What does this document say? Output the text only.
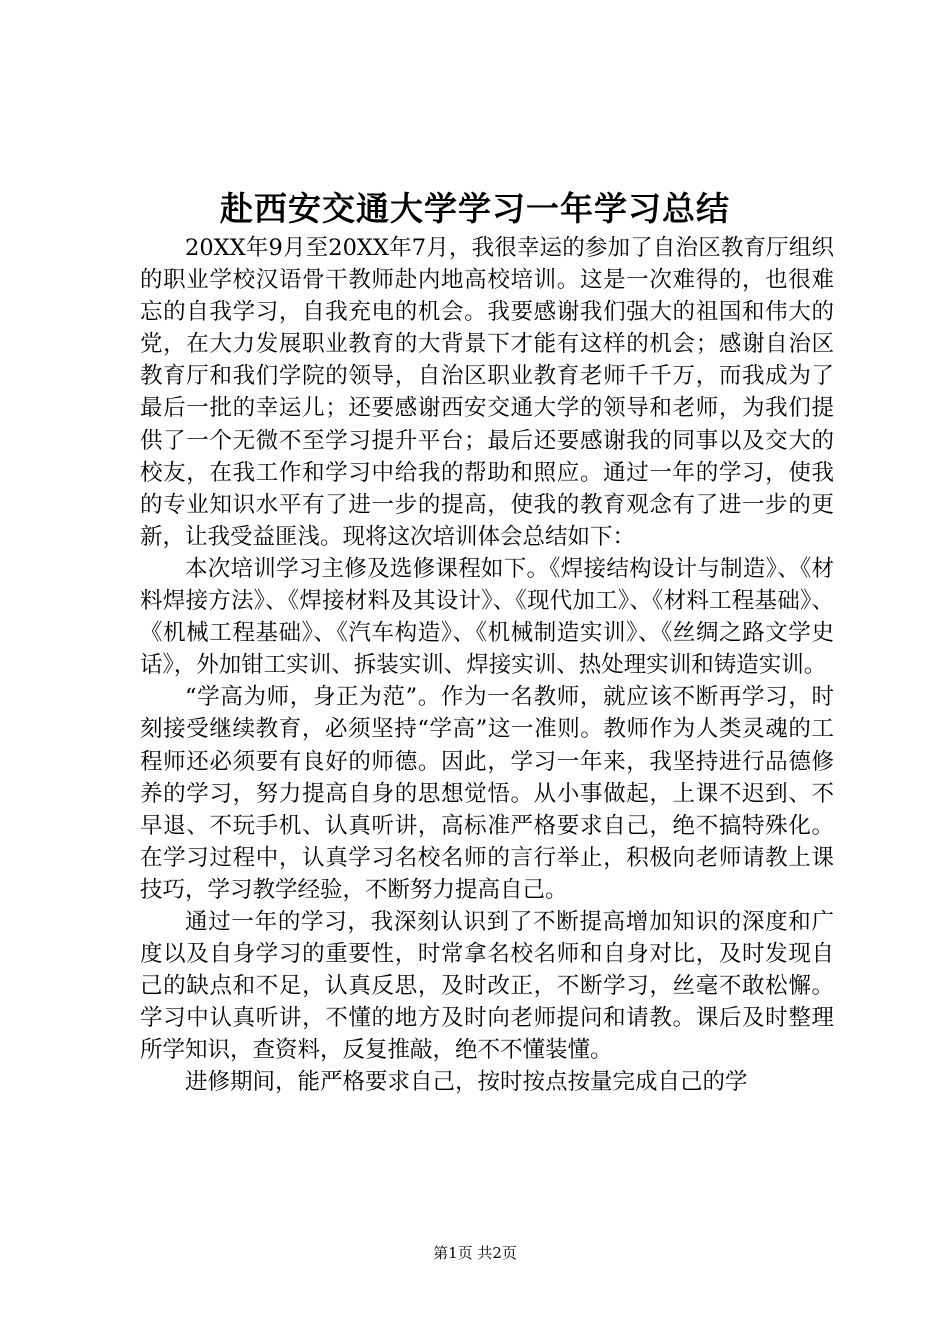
赴西安交通大学学习一年学习总结

20XX年9月至20XX年7月，我很幸运的参加了自治区教育厅组织的职业学校汉语骨干教师赴内地高校培训。这是一次难得的，也很难忘的自我学习，自我充电的机会。我要感谢我们强大的祖国和伟大的党，在大力发展职业教育的大背景下才能有这样的机会；感谢自治区教育厅和我们学院的领导，自治区职业教育老师千千万，而我成为了最后一批的幸运儿；还要感谢西安交通大学的领导和老师，为我们提供了一个无微不至学习提升平台；最后还要感谢我的同事以及交大的校友，在我工作和学习中给我的帮助和照应。通过一年的学习，使我的专业知识水平有了进一步的提高，使我的教育观念有了进一步的更新，让我受益匪浅。现将这次培训体会总结如下：

本次培训学习主修及选修课程如下。《焊接结构设计与制造》、《材料焊接方法》、《焊接材料及其设计》、《现代加工》、《材料工程基础》、《机械工程基础》、《汽车构造》、《机械制造实训》、《丝绸之路文学史话》，外加钳工实训、拆装实训、焊接实训、热处理实训和铸造实训。

“学高为师，身正为范”。作为一名教师，就应该不断再学习，时刻接受继续教育，必须坚持“学高”这一准则。教师作为人类灵魂的工程师还必须要有良好的师德。因此，学习一年来，我坚持进行品德修养的学习，努力提高自身的思想觉悟。从小事做起，上课不迟到、不早退、不玩手机、认真听讲，高标准严格要求自己，绝不搞特殊化。在学习过程中，认真学习名校名师的言行举止，积极向老师请教上课技巧，学习教学经验，不断努力提高自己。

通过一年的学习，我深刻认识到了不断提高增加知识的深度和广度以及自身学习的重要性，时常拿名校名师和自身对比，及时发现自己的缺点和不足，认真反思，及时改正，不断学习，丝毫不敢松懈。学习中认真听讲，不懂的地方及时向老师提问和请教。课后及时整理所学知识，查资料，反复推敲，绝不不懂装懂。

进修期间，能严格要求自己，按时按点按量完成自己的学

第1页 共2页
